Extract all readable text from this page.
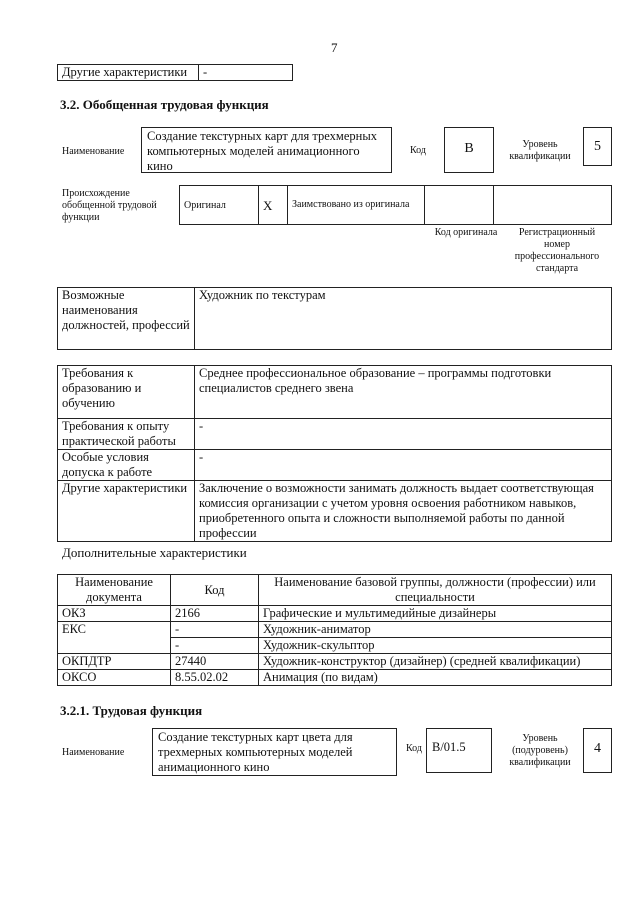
7
Другие характеристики	-
3.2. Обобщенная трудовая функция
Наименование
Создание текстурных карт для трехмерных компьютерных моделей анимационного кино
Код	B	Уровень квалификации
5
Происхождение обобщенной трудовой функции
Оригинал	X	Заимствовано из оригинала		
Код оригинала	Регистрационный номер профессионального стандарта
Возможные наименования должностей, профессий	Художник по текстурам
Требования к образованию и обучению	Среднее профессиональное образование – программы подготовки специалистов среднего звена
Требования к опыту практической работы	-
Особые условия допуска к работе	-
Другие характеристики	Заключение о возможности занимать должность выдает соответствующая комиссия организации с учетом уровня освоения работником навыков, приобретенного опыта и сложности выполняемой работы по данной профессии
Дополнительные характеристики
Наименование документа	Код	Наименование базовой группы, должности (профессии) или специальности
ОКЗ	2166	Графические и мультимедийные дизайнеры
ЕКС	-	Художник-аниматор
	-	Художник-скульптор
ОКПДТР	27440	Художник-конструктор (дизайнер) (средней квалификации)
ОКСО	8.55.02.02	Анимация (по видам)
3.2.1. Трудовая функция
Наименование
Создание текстурных карт цвета для трехмерных компьютерных моделей анимационного кино
Код B/01.5
Уровень (подуровень) квалификации
4
